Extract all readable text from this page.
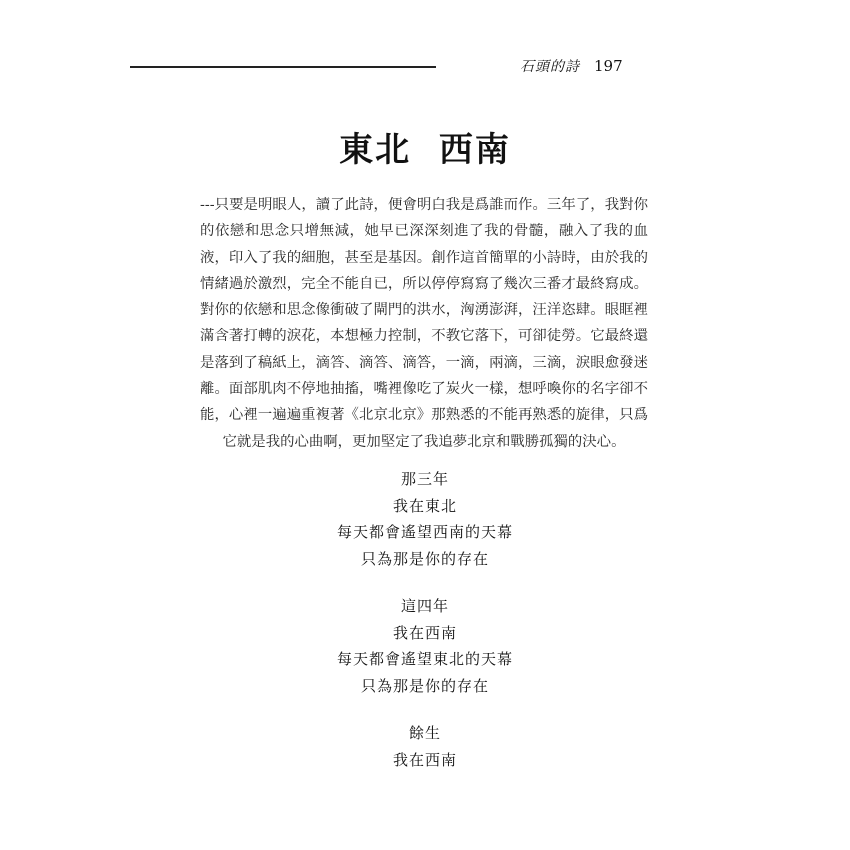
石頭的詩 197
東北 西南
---只要是明眼人，讀了此詩，便會明白我是爲誰而作。三年了，我對你的依戀和思念只增無減，她早已深深刻進了我的骨髓，融入了我的血液，印入了我的細胞，甚至是基因。創作這首簡單的小詩時，由於我的情緒過於激烈，完全不能自已，所以停停寫寫了幾次三番才最終寫成。對你的依戀和思念像衝破了閘門的洪水，洶湧澎湃，汪洋恣肆。眼眶裡滿含著打轉的淚花，本想極力控制，不教它落下，可卻徒勞。它最終還是落到了稿紙上，滴答、滴答、滴答，一滴，兩滴，三滴，淚眼愈發迷離。面部肌肉不停地抽搐，嘴裡像吃了炭火一樣，想呼喚你的名字卻不能，心裡一遍遍重複著《北京北京》那熟悉的不能再熟悉的旋律，只爲它就是我的心曲啊，更加堅定了我追夢北京和戰勝孤獨的決心。
那三年
我在東北
每天都會遙望西南的天幕
只為那是你的存在
這四年
我在西南
每天都會遙望東北的天幕
只為那是你的存在
餘生
我在西南
